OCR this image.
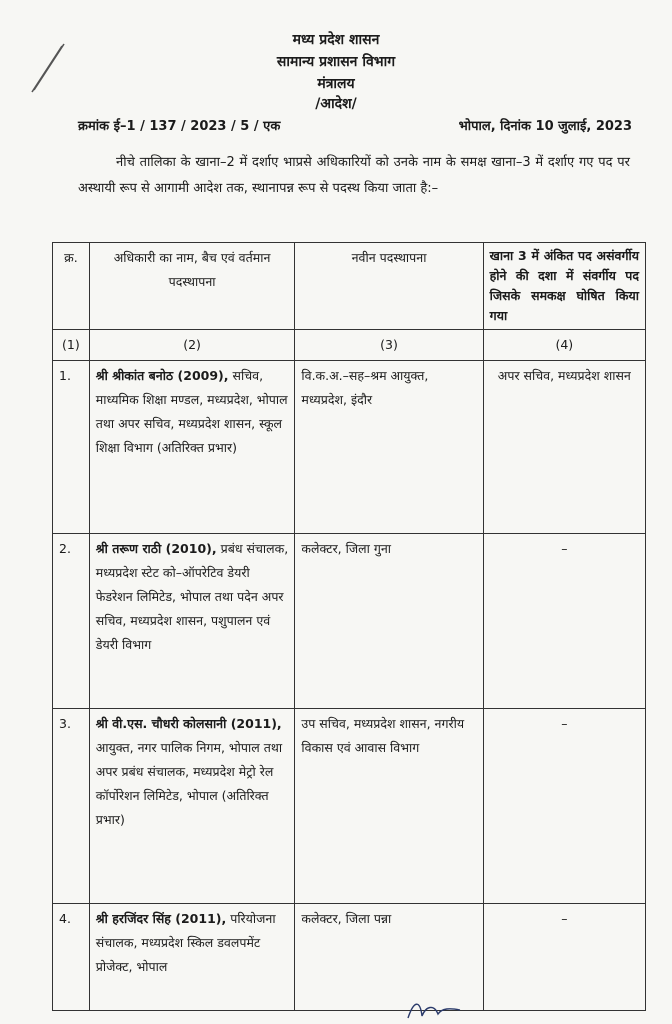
मध्य प्रदेश शासन
सामान्य प्रशासन विभाग
मंत्रालय
/आदेश/
क्रमांक ई–1 / 137 / 2023 / 5 / एक	भोपाल, दिनांक 10 जुलाई, 2023
नीचे तालिका के खाना–2 में दर्शाए भाप्रसे अधिकारियों को उनके नाम के समक्ष खाना–3 में दर्शाए गए पद पर अस्थायी रूप से आगामी आदेश तक, स्थानापन्न रूप से पदस्थ किया जाता है:–
क्र.	अधिकारी का नाम, बैच एवं वर्तमान पदस्थापना	नवीन पदस्थापना	खाना 3 में अंकित पद असंवर्गीय होने की दशा में संवर्गीय पद जिसके समकक्ष घोषित किया गया
(1)	(2)	(3)	(4)
1.	श्री श्रीकांत बनोठ (2009), सचिव, माध्यमिक शिक्षा मण्डल, मध्यप्रदेश, भोपाल तथा अपर सचिव, मध्यप्रदेश शासन, स्कूल शिक्षा विभाग (अतिरिक्त प्रभार)	वि.क.अ.–सह–श्रम आयुक्त, मध्यप्रदेश, इंदौर	अपर सचिव, मध्यप्रदेश शासन
2.	श्री तरूण राठी (2010), प्रबंध संचालक, मध्यप्रदेश स्टेट को–ऑपरेटिव डेयरी फेडरेशन लिमिटेड, भोपाल तथा पदेन अपर सचिव, मध्यप्रदेश शासन, पशुपालन एवं डेयरी विभाग	कलेक्टर, जिला गुना	–
3.	श्री वी.एस. चौधरी कोलसानी (2011), आयुक्त, नगर पालिक निगम, भोपाल तथा अपर प्रबंध संचालक, मध्यप्रदेश मेट्रो रेल कॉर्पोरेशन लिमिटेड, भोपाल (अतिरिक्त प्रभार)	उप सचिव, मध्यप्रदेश शासन, नगरीय विकास एवं आवास विभाग	–
4.	श्री हरजिंदर सिंह (2011), परियोजना संचालक, मध्यप्रदेश स्किल डवलपमेंट प्रोजेक्ट, भोपाल	कलेक्टर, जिला पन्ना	–
